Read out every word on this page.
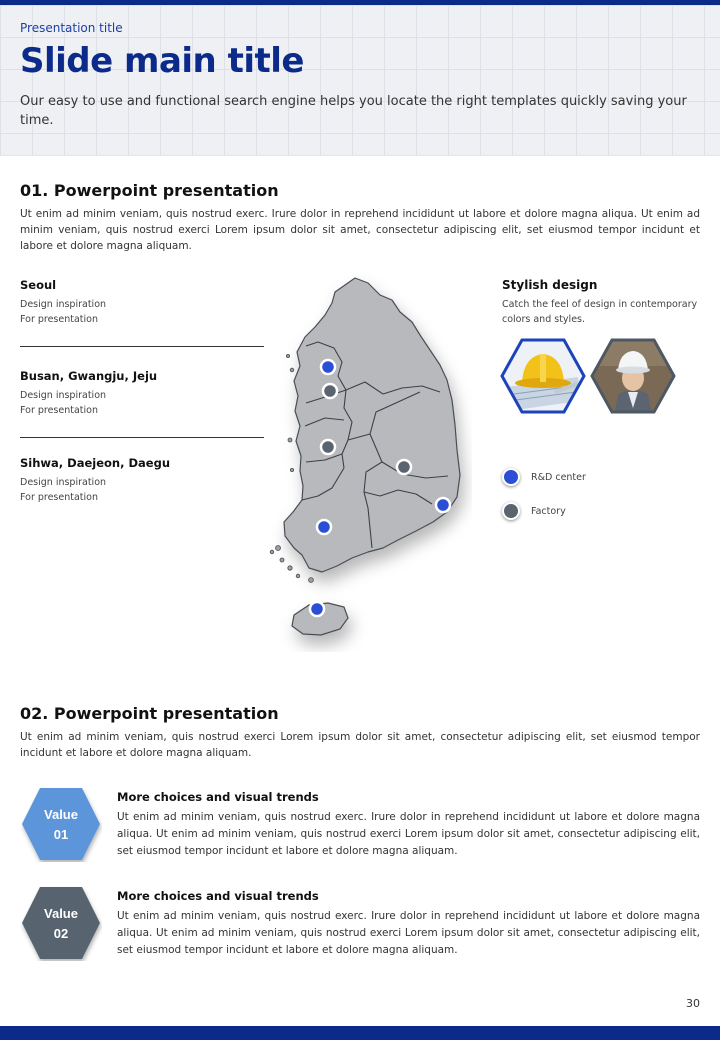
Presentation title
Slide main title
Our easy to use and functional search engine helps you locate the right templates quickly saving your time.
01. Powerpoint presentation
Ut enim ad minim veniam, quis nostrud exerc. Irure dolor in reprehend incididunt ut labore et dolore magna aliqua. Ut enim ad minim veniam, quis nostrud exerci Lorem ipsum dolor sit amet, consectetur adipiscing elit, set eiusmod tempor incidunt et labore et dolore magna aliquam.
Seoul
Design inspiration
For presentation
Busan, Gwangju, Jeju
Design inspiration
For presentation
Sihwa, Daejeon, Daegu
Design inspiration
For presentation
Stylish design
Catch the feel of design in contemporary colors and styles.
R&D center
Factory
02. Powerpoint presentation
Ut enim ad minim veniam, quis nostrud exerci Lorem ipsum dolor sit amet, consectetur adipiscing elit, set eiusmod tempor incidunt et labore et dolore magna aliquam.
Value
01
More choices and visual trends
Ut enim ad minim veniam, quis nostrud exerc. Irure dolor in reprehend incididunt ut labore et dolore magna aliqua. Ut enim ad minim veniam, quis nostrud exerci Lorem ipsum dolor sit amet, consectetur adipiscing elit, set eiusmod tempor incidunt et labore et dolore magna aliquam.
Value
02
More choices and visual trends
Ut enim ad minim veniam, quis nostrud exerc. Irure dolor in reprehend incididunt ut labore et dolore magna aliqua. Ut enim ad minim veniam, quis nostrud exerci Lorem ipsum dolor sit amet, consectetur adipiscing elit, set eiusmod tempor incidunt et labore et dolore magna aliquam.
30
